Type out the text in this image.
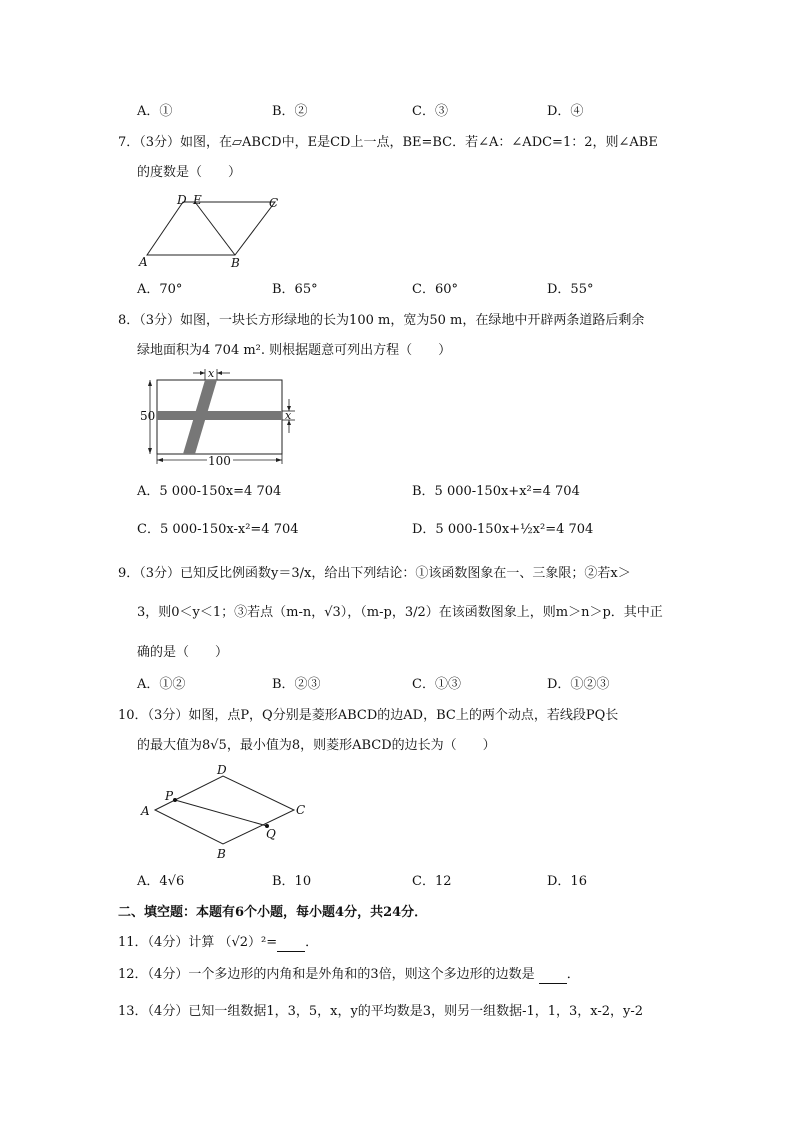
A．①	B．②	C．③	D．④
7．（3分）如图，在▱ABCD中，E是CD上一点，BE=BC．若∠A：∠ADC=1：2，则∠ABE
的度数是（　　）
D E	C
A	B
A．70°	B．65°	C．60°	D．55°
8．（3分）如图，一块长方形绿地的长为100 m，宽为50 m，在绿地中开辟两条道路后剩余
绿地面积为4 704 m². 则根据题意可列出方程（　　）
x
50	x
100
A．5 000-150x=4 704	B．5 000-150x+x²=4 704
C．5 000-150x-x²=4 704	D．5 000-150x+½x²=4 704
9．（3分）已知反比例函数y＝3/x，给出下列结论：①该函数图象在一、三象限；②若x＞
3，则0＜y＜1；③若点（m-n，√3），（m-p，3/2）在该函数图象上，则m＞n＞p．其中正
确的是（　　）
A．①②	B．②③	C．①③	D．①②③
10．（3分）如图，点P，Q分别是菱形ABCD的边AD，BC上的两个动点，若线段PQ长
的最大值为8√5，最小值为8，则菱形ABCD的边长为（　　）
D
P
A	C
Q
B
A．4√6	B．10	C．12	D．16
二、填空题：本题有6个小题，每小题4分，共24分．
11．（4分）计算 （√2）²= ．
12．（4分）一个多边形的内角和是外角和的3倍，则这个多边形的边数是 ．
13．（4分）已知一组数据1，3，5，x，y的平均数是3，则另一组数据-1，1，3，x-2，y-2
